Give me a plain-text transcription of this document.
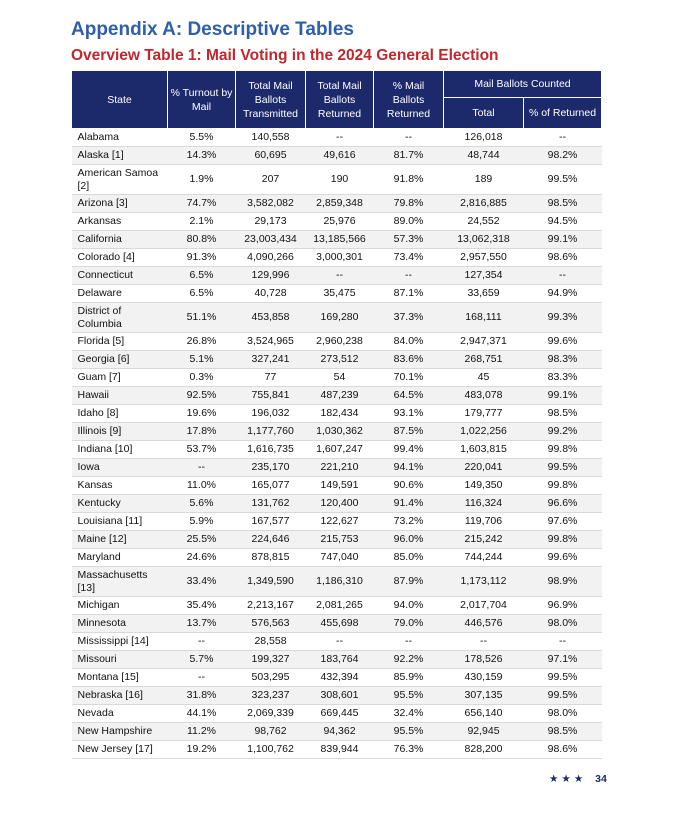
Appendix A: Descriptive Tables
Overview Table 1: Mail Voting in the 2024 General Election
State	% Turnout by Mail	Total Mail Ballots Transmitted	Total Mail Ballots Returned	% Mail Ballots Returned	Mail Ballots Counted	
					Total	% of Returned
Alabama	5.5%	140,558	--	--	126,018	--
Alaska [1]	14.3%	60,695	49,616	81.7%	48,744	98.2%
American Samoa [2]	1.9%	207	190	91.8%	189	99.5%
Arizona [3]	74.7%	3,582,082	2,859,348	79.8%	2,816,885	98.5%
Arkansas	2.1%	29,173	25,976	89.0%	24,552	94.5%
California	80.8%	23,003,434	13,185,566	57.3%	13,062,318	99.1%
Colorado [4]	91.3%	4,090,266	3,000,301	73.4%	2,957,550	98.6%
Connecticut	6.5%	129,996	--	--	127,354	--
Delaware	6.5%	40,728	35,475	87.1%	33,659	94.9%
District of Columbia	51.1%	453,858	169,280	37.3%	168,111	99.3%
Florida [5]	26.8%	3,524,965	2,960,238	84.0%	2,947,371	99.6%
Georgia [6]	5.1%	327,241	273,512	83.6%	268,751	98.3%
Guam [7]	0.3%	77	54	70.1%	45	83.3%
Hawaii	92.5%	755,841	487,239	64.5%	483,078	99.1%
Idaho [8]	19.6%	196,032	182,434	93.1%	179,777	98.5%
Illinois [9]	17.8%	1,177,760	1,030,362	87.5%	1,022,256	99.2%
Indiana [10]	53.7%	1,616,735	1,607,247	99.4%	1,603,815	99.8%
Iowa	--	235,170	221,210	94.1%	220,041	99.5%
Kansas	11.0%	165,077	149,591	90.6%	149,350	99.8%
Kentucky	5.6%	131,762	120,400	91.4%	116,324	96.6%
Louisiana [11]	5.9%	167,577	122,627	73.2%	119,706	97.6%
Maine [12]	25.5%	224,646	215,753	96.0%	215,242	99.8%
Maryland	24.6%	878,815	747,040	85.0%	744,244	99.6%
Massachusetts [13]	33.4%	1,349,590	1,186,310	87.9%	1,173,112	98.9%
Michigan	35.4%	2,213,167	2,081,265	94.0%	2,017,704	96.9%
Minnesota	13.7%	576,563	455,698	79.0%	446,576	98.0%
Mississippi [14]	--	28,558	--	--	--	--
Missouri	5.7%	199,327	183,764	92.2%	178,526	97.1%
Montana [15]	--	503,295	432,394	85.9%	430,159	99.5%
Nebraska [16]	31.8%	323,237	308,601	95.5%	307,135	99.5%
Nevada	44.1%	2,069,339	669,445	32.4%	656,140	98.0%
New Hampshire	11.2%	98,762	94,362	95.5%	92,945	98.5%
New Jersey [17]	19.2%	1,100,762	839,944	76.3%	828,200	98.6%
★★★ 34
